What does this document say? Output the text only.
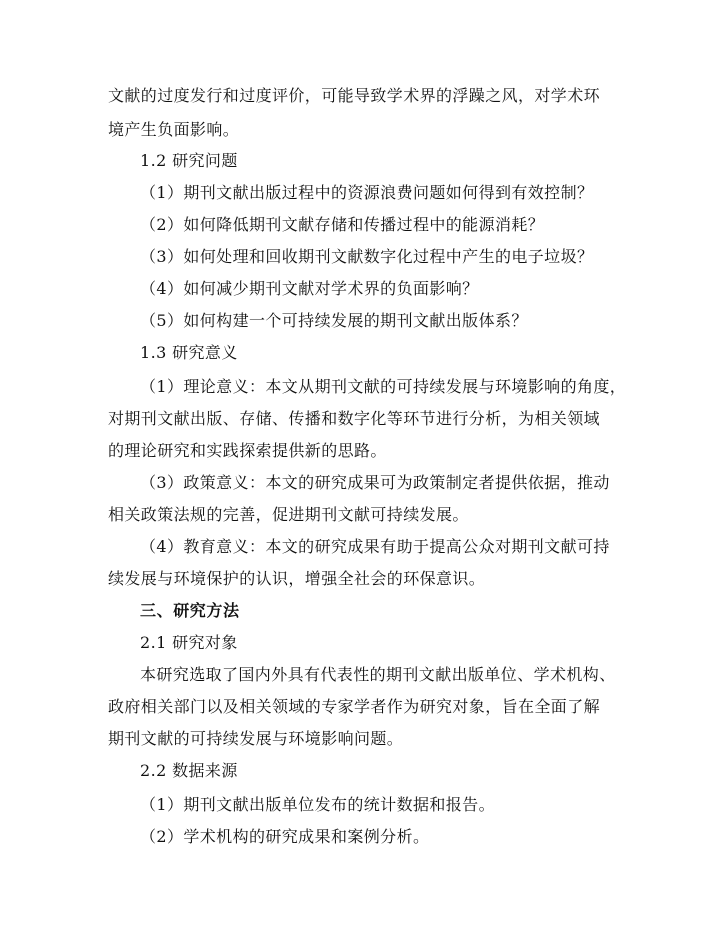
文献的过度发行和过度评价，可能导致学术界的浮躁之风，对学术环
境产生负面影响。
1.2 研究问题
（1）期刊文献出版过程中的资源浪费问题如何得到有效控制？
（2）如何降低期刊文献存储和传播过程中的能源消耗？
（3）如何处理和回收期刊文献数字化过程中产生的电子垃圾？
（4）如何减少期刊文献对学术界的负面影响？
（5）如何构建一个可持续发展的期刊文献出版体系？
1.3 研究意义
（1）理论意义：本文从期刊文献的可持续发展与环境影响的角度，
对期刊文献出版、存储、传播和数字化等环节进行分析，为相关领域
的理论研究和实践探索提供新的思路。
（3）政策意义：本文的研究成果可为政策制定者提供依据，推动
相关政策法规的完善，促进期刊文献可持续发展。
（4）教育意义：本文的研究成果有助于提高公众对期刊文献可持
续发展与环境保护的认识，增强全社会的环保意识。
三、研究方法
2.1 研究对象
本研究选取了国内外具有代表性的期刊文献出版单位、学术机构、
政府相关部门以及相关领域的专家学者作为研究对象，旨在全面了解
期刊文献的可持续发展与环境影响问题。
2.2 数据来源
（1）期刊文献出版单位发布的统计数据和报告。
（2）学术机构的研究成果和案例分析。
